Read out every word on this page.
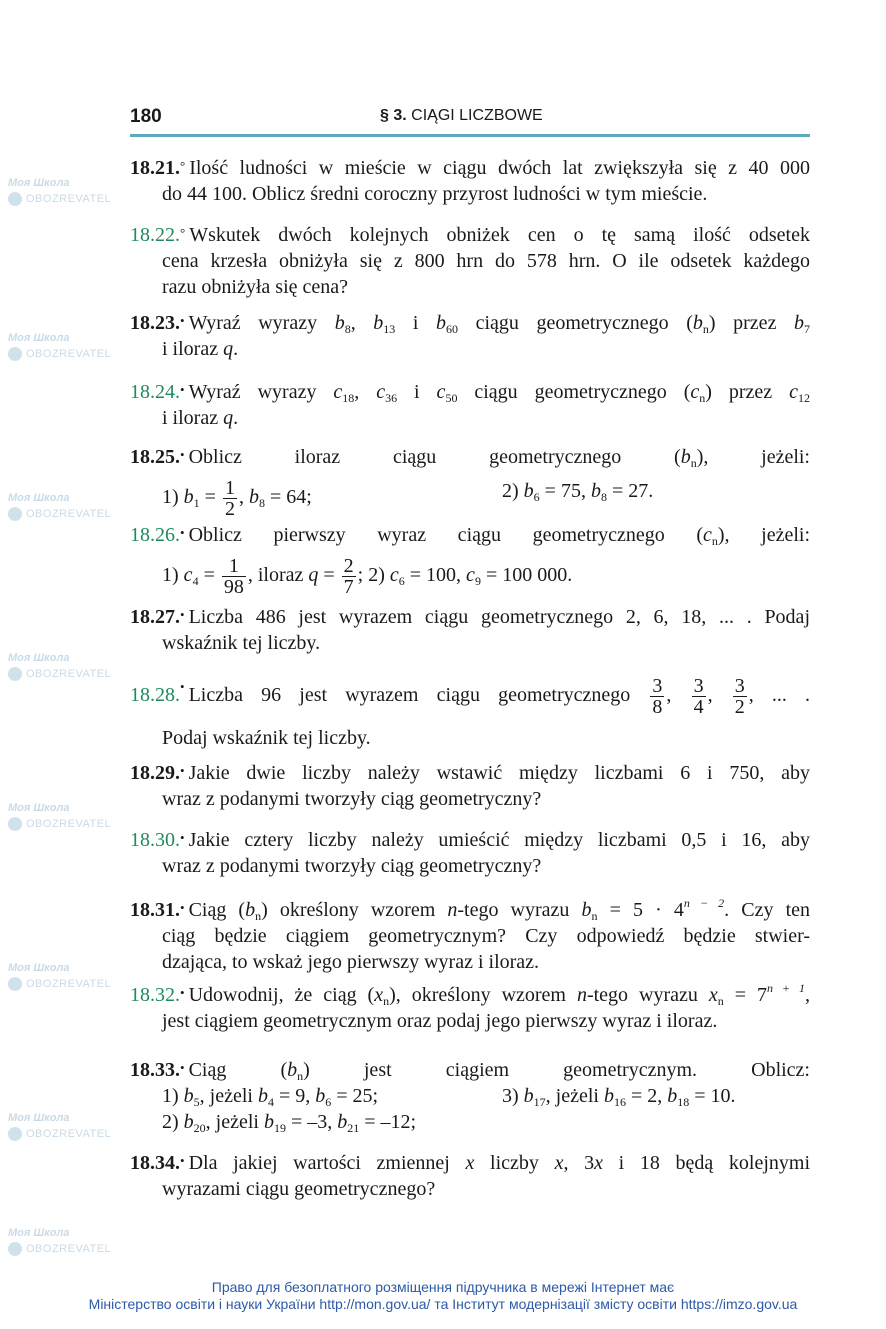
Моя Школа
OBOZREVATEL
Моя Школа
OBOZREVATEL
Моя Школа
OBOZREVATEL
Моя Школа
OBOZREVATEL
Моя Школа
OBOZREVATEL
Моя Школа
OBOZREVATEL
Моя Школа
OBOZREVATEL
Моя Школа
OBOZREVATEL
180	§ 3. CIĄGI LICZBOWE
18.21.° Ilość ludności w mieście w ciągu dwóch lat zwiększyła się z 40 000
do 44 100. Oblicz średni coroczny przyrost ludności w tym mieście.
18.22.° Wskutek dwóch kolejnych obniżek cen o tę samą ilość odsetek
cena krzesła obniżyła się z 800 hrn do 578 hrn. O ile odsetek każdego
razu obniżyła się cena?
18.23.• Wyraź wyrazy $b_8$, $b_{13}$ i $b_{60}$ ciągu geometrycznego $(b_n)$ przez $b_7$
i iloraz q.
18.24.• Wyraź wyrazy $c_{18}$, $c_{36}$ i $c_{50}$ ciągu geometrycznego $(c_n)$ przez $c_{12}$
i iloraz q.
18.25.• Oblicz iloraz ciągu geometrycznego $(b_n)$, jeżeli:
1) $b_1 = \frac{1}{2}$ , $b_8 = 64$;	2) $b_6 = 75$, $b_8 = 27$.
18.26.• Oblicz pierwszy wyraz ciągu geometrycznego $(c_n)$, jeżeli:
1) $c_4 = \frac{1}{98}$ , iloraz $q = \frac{2}{7}$ ; 2) $c_6 = 100$, $c_9 = 100$ 000.
18.27.• Liczba 486 jest wyrazem ciągu geometrycznego 2, 6, 18, ... . Podaj
wskaźnik tej liczby.
18.28.• Liczba 96 jest wyrazem ciągu geometrycznego $\frac{3}{8}$ , $\frac{3}{4}$ , $\frac{3}{2}$ , ... .
Podaj wskaźnik tej liczby.
18.29.• Jakie dwie liczby należy wstawić między liczbami 6 i 750, aby
wraz z podanymi tworzyły ciąg geometryczny?
18.30.• Jakie cztery liczby należy umieścić między liczbami 0,5 i 16, aby
wraz z podanymi tworzyły ciąg geometryczny?
18.31.• Ciąg $(b_n)$ określony wzorem n-tego wyrazu $b_n = 5 \cdot 4^{n - 2}$. Czy ten
ciąg będzie ciągiem geometrycznym? Czy odpowiedź będzie stwier-
dzająca, to wskaż jego pierwszy wyraz i iloraz.
18.32.• Udowodnij, że ciąg $(x_n)$, określony wzorem n-tego wyrazu $x_n = 7^{n + 1}$,
jest ciągiem geometrycznym oraz podaj jego pierwszy wyraz i iloraz.
18.33.• Ciąg $(b_n)$ jest ciągiem geometrycznym. Oblicz:
1) $b_5$, jeżeli $b_4 = 9$, $b_6 = 25$;	3) $b_{17}$, jeżeli $b_{16} = 2$, $b_{18} = 10$.
2) $b_{20}$, jeżeli $b_{19} = -3$, $b_{21} = -12$;
18.34.• Dla jakiej wartości zmiennej x liczby x, 3x i 18 będą kolejnymi
wyrazami ciągu geometrycznego?
Право для безоплатного розміщення підручника в мережі Інтернет має
Міністерство освіти і науки України http://mon.gov.ua/ та Інститут модернізації змісту освіти https://imzo.gov.ua
